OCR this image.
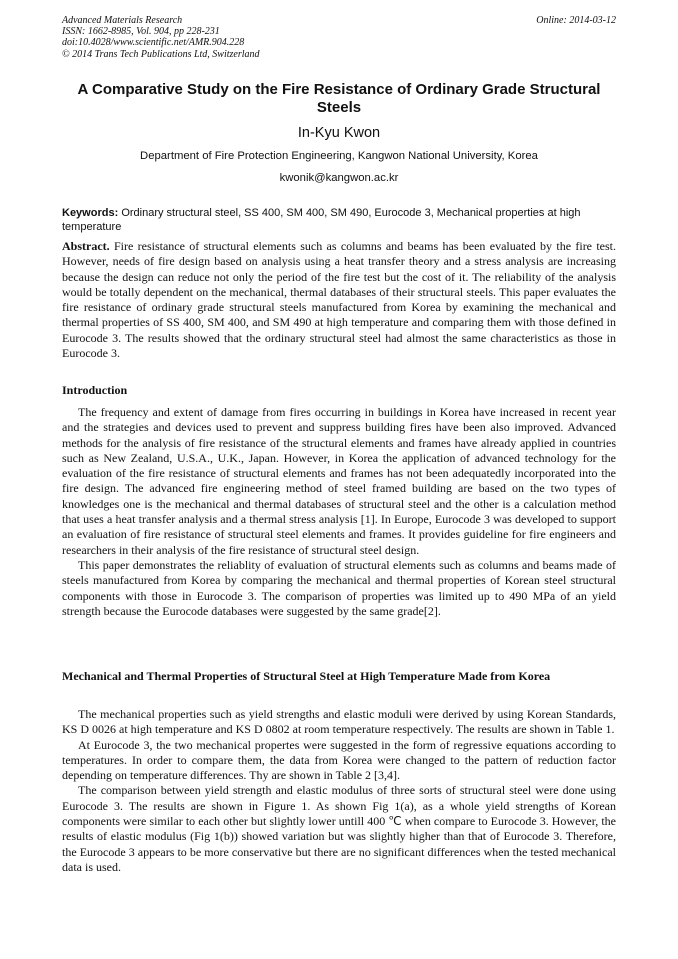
Advanced Materials Research
ISSN: 1662-8985, Vol. 904, pp 228-231
doi:10.4028/www.scientific.net/AMR.904.228
© 2014 Trans Tech Publications Ltd, Switzerland
Online: 2014-03-12
A Comparative Study on the Fire Resistance of Ordinary Grade Structural Steels
In-Kyu Kwon
Department of Fire Protection Engineering, Kangwon National University, Korea
kwonik@kangwon.ac.kr
Keywords: Ordinary structural steel, SS 400, SM 400, SM 490, Eurocode 3, Mechanical properties at high temperature

Abstract. Fire resistance of structural elements such as columns and beams has been evaluated by the fire test. However, needs of fire design based on analysis using a heat transfer theory and a stress analysis are increasing because the design can reduce not only the period of the fire test but the cost of it. The reliability of the analysis would be totally dependent on the mechanical, thermal databases of their structural steels. This paper evaluates the fire resistance of ordinary grade structural steels manufactured from Korea by examining the mechanical and thermal properties of SS 400, SM 400, and SM 490 at high temperature and comparing them with those defined in Eurocode 3. The results showed that the ordinary structural steel had almost the same characteristics as those in Eurocode 3.

Introduction

The frequency and extent of damage from fires occurring in buildings in Korea have increased in recent year and the strategies and devices used to prevent and suppress building fires have been also improved. Advanced methods for the analysis of fire resistance of the structural elements and frames have already applied in countries such as New Zealand, U.S.A., U.K., Japan. However, in Korea the application of advanced technology for the evaluation of the fire resistance of structural elements and frames has not been adequatedly incorporated into the fire design. The advanced fire engineering method of steel framed building are based on the two types of knowledges one is the mechanical and thermal databases of structural steel and the other is a calculation method that uses a heat transfer analysis and a thermal stress analysis [1]. In Europe, Eurocode 3 was developed to support an evaluation of fire resistance of structural steel elements and frames. It provides guideline for fire engineers and researchers in their analysis of the fire resistance of structural steel design.

This paper demonstrates the reliablity of evaluation of structural elements such as columns and beams made of steels manufactured from Korea by comparing the mechanical and thermal properties of Korean steel structural components with those in Eurocode 3. The comparison of properties was limited up to 490 MPa of an yield strength because the Eurocode databases were suggested by the same grade[2].

Mechanical and Thermal Properties of Structural Steel at High Temperature Made from Korea

The mechanical properties such as yield strengths and elastic moduli were derived by using Korean Standards, KS D 0026 at high temperature and KS D 0802 at room temperature respectively. The results are shown in Table 1.

At Eurocode 3, the two mechanical propertes were suggested in the form of regressive equations according to temperatures. In order to compare them, the data from Korea were changed to the pattern of reduction factor depending on temperature differences. Thy are shown in Table 2 [3,4].

The comparison between yield strength and elastic modulus of three sorts of structural steel were done using Eurocode 3. The results are shown in Figure 1. As shown Fig 1(a), as a whole yield strengths of Korean components were similar to each other but slightly lower untill 400 ℃ when compare to Eurocode 3. However, the results of elastic modulus (Fig 1(b)) showed variation but was slightly higher than that of Eurocode 3. Therefore, the Eurocode 3 appears to be more conservative but there are no significant differences when the tested mechanical data is used.
